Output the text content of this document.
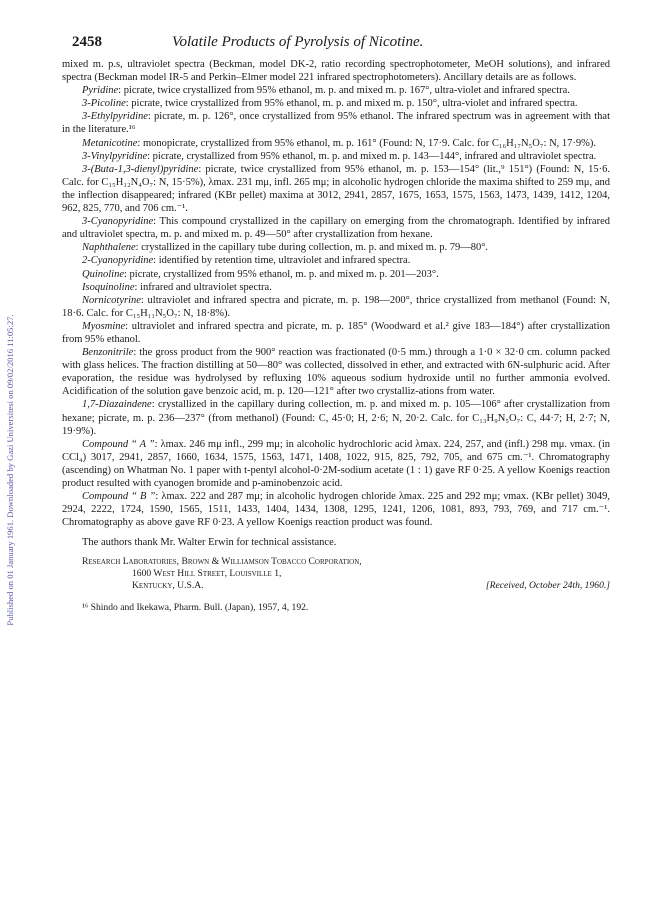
Published on 01 January 1961. Downloaded by Gazi Universitesi on 09/02/2016 11:05:27.
2458	Volatile Products of Pyrolysis of Nicotine.

mixed m. p.s, ultraviolet spectra (Beckman, model DK-2, ratio recording spectrophotometer, MeOH solutions), and infrared spectra (Beckman model IR-5 and Perkin–Elmer model 221 infrared spectrophotometers). Ancillary details are as follows.

Pyridine: picrate, twice crystallized from 95% ethanol, m. p. and mixed m. p. 167°, ultra-violet and infrared spectra.

3-Picoline: picrate, twice crystallized from 95% ethanol, m. p. and mixed m. p. 150°, ultra-violet and infrared spectra.

3-Ethylpyridine: picrate, m. p. 126°, once crystallized from 95% ethanol. The infrared spectrum was in agreement with that in the literature.¹⁶

Metanicotine: monopicrate, crystallized from 95% ethanol, m. p. 161° (Found: N, 17·9. Calc. for C₁₆H₁₇N₅O₇: N, 17·9%).

3-Vinylpyridine: picrate, crystallized from 95% ethanol, m. p. and mixed m. p. 143—144°, infrared and ultraviolet spectra.

3-(Buta-1,3-dienyl)pyridine: picrate, twice crystallized from 95% ethanol, m. p. 153—154° (lit.,⁹ 151°) (Found: N, 15·6. Calc. for C₁₅H₁₂N₄O₇: N, 15·5%), λmax. 231 mμ, infl. 265 mμ; in alcoholic hydrogen chloride the maxima shifted to 259 mμ, and the inflection disappeared; infrared (KBr pellet) maxima at 3012, 2941, 2857, 1675, 1653, 1575, 1563, 1473, 1439, 1412, 1204, 962, 825, 770, and 706 cm.⁻¹.

3-Cyanopyridine: This compound crystallized in the capillary on emerging from the chromatograph. Identified by infrared and ultraviolet spectra, m. p. and mixed m. p. 49—50° after crystallization from hexane.

Naphthalene: crystallized in the capillary tube during collection, m. p. and mixed m. p. 79—80°.

2-Cyanopyridine: identified by retention time, ultraviolet and infrared spectra.

Quinoline: picrate, crystallized from 95% ethanol, m. p. and mixed m. p. 201—203°.

Isoquinoline: infrared and ultraviolet spectra.

Nornicotyrine: ultraviolet and infrared spectra and picrate, m. p. 198—200°, thrice crystallized from methanol (Found: N, 18·6. Calc. for C₁₅H₁₁N₅O₇: N, 18·8%).

Myosmine: ultraviolet and infrared spectra and picrate, m. p. 185° (Woodward et al.² give 183—184°) after crystallization from 95% ethanol.

Benzonitrile: the gross product from the 900° reaction was fractionated (0·5 mm.) through a 1·0 × 32·0 cm. column packed with glass helices. The fraction distilling at 50—80° was collected, dissolved in ether, and extracted with 6N-sulphuric acid. After evaporation, the residue was hydrolysed by refluxing 10% aqueous sodium hydroxide until no further ammonia evolved. Acidification of the solution gave benzoic acid, m. p. 120—121° after two crystalliz-ations from water.

1,7-Diazaindene: crystallized in the capillary during collection, m. p. and mixed m. p. 105—106° after crystallization from hexane; picrate, m. p. 236—237° (from methanol) (Found: C, 45·0; H, 2·6; N, 20·2. Calc. for C₁₃H₉N₅O₇: C, 44·7; H, 2·7; N, 19·9%).

Compound “ A ”: λmax. 246 mμ infl., 299 mμ; in alcoholic hydrochloric acid λmax. 224, 257, and (infl.) 298 mμ. νmax. (in CCl₄) 3017, 2941, 2857, 1660, 1634, 1575, 1563, 1471, 1408, 1022, 915, 825, 792, 705, and 675 cm.⁻¹. Chromatography (ascending) on Whatman No. 1 paper with t-pentyl alcohol-0·2M-sodium acetate (1 : 1) gave RF 0·25. A yellow Koenigs reaction product resulted with cyanogen bromide and p-aminobenzoic acid.

Compound “ B ”: λmax. 222 and 287 mμ; in alcoholic hydrogen chloride λmax. 225 and 292 mμ; νmax. (KBr pellet) 3049, 2924, 2222, 1724, 1590, 1565, 1511, 1433, 1404, 1434, 1308, 1295, 1241, 1206, 1081, 893, 793, 769, and 717 cm.⁻¹. Chromatography as above gave RF 0·23. A yellow Koenigs reaction product was found.

The authors thank Mr. Walter Erwin for technical assistance.
Research Laboratories, Brown & Williamson Tobacco Corporation,
1600 West Hill Street, Louisville 1,
Kentucky, U.S.A.	[Received, October 24th, 1960.]
¹⁶ Shindo and Ikekawa, Pharm. Bull. (Japan), 1957, 4, 192.
